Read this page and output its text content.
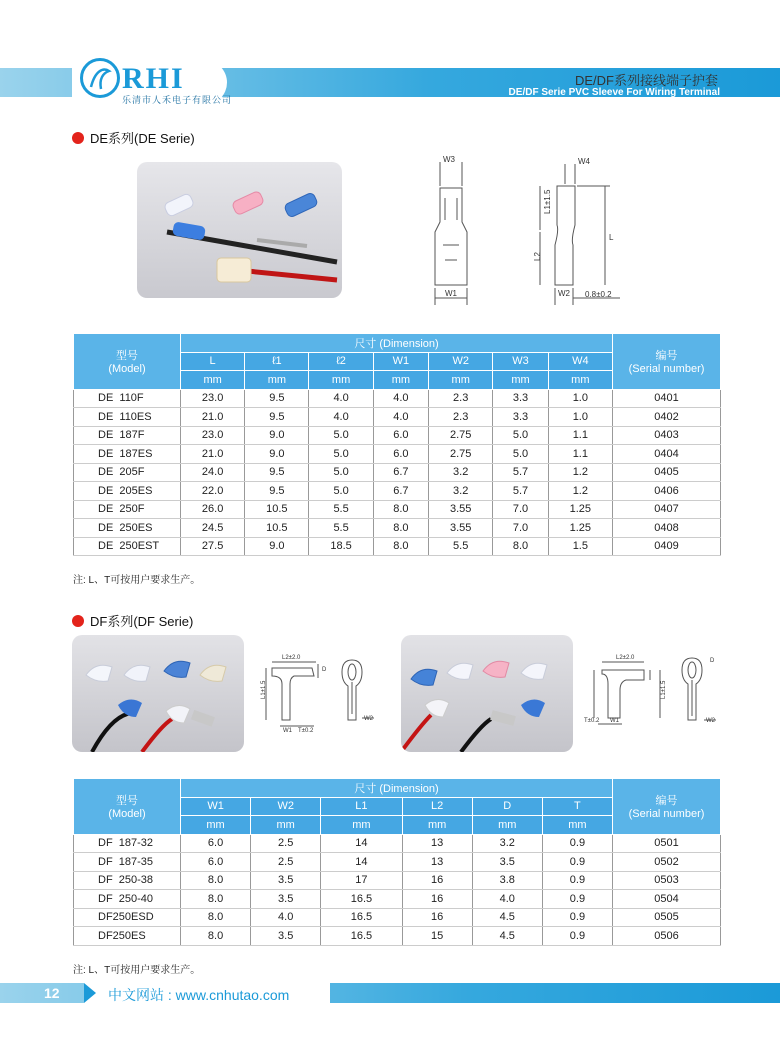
RHI
乐清市人禾电子有限公司
DE/DF系列接线端子护套
DE/DF Serie PVC Sleeve For Wiring Terminal
DE系列(DE Serie)
W3	W4
W1	W2 0.8±0.2
L
L1±1.5
L2
型号
(Model)	尺寸 (Dimension)							编号
(Serial number)
	L	ℓ1	ℓ2	W1	W2	W3	W4	
	mm	mm	mm	mm	mm	mm	mm	
DE  110F	23.0	9.5	4.0	4.0	2.3	3.3	1.0	0401
DE  110ES	21.0	9.5	4.0	4.0	2.3	3.3	1.0	0402
DE  187F	23.0	9.0	5.0	6.0	2.75	5.0	1.1	0403
DE  187ES	21.0	9.0	5.0	6.0	2.75	5.0	1.1	0404
DE  205F	24.0	9.5	5.0	6.7	3.2	5.7	1.2	0405
DE  205ES	22.0	9.5	5.0	6.7	3.2	5.7	1.2	0406
DE  250F	26.0	10.5	5.5	8.0	3.55	7.0	1.25	0407
DE  250ES	24.5	10.5	5.5	8.0	3.55	7.0	1.25	0408
DE  250EST	27.5	9.0	18.5	8.0	5.5	8.0	1.5	0409
注: L、T可按用户要求生产。
DF系列(DF Serie)
L2±2.0
D
L1±1.5
W1 T±0.2
W2
L2±2.0	D
L1±1.5
T±0.2 W1	W2
型号
(Model)	尺寸 (Dimension)						编号
(Serial number)
	W1	W2	L1	L2	D	T	
	mm	mm	mm	mm	mm	mm	
DF  187-32	6.0	2.5	14	13	3.2	0.9	0501
DF  187-35	6.0	2.5	14	13	3.5	0.9	0502
DF  250-38	8.0	3.5	17	16	3.8	0.9	0503
DF  250-40	8.0	3.5	16.5	16	4.0	0.9	0504
DF250ESD	8.0	4.0	16.5	16	4.5	0.9	0505
DF250ES	8.0	3.5	16.5	15	4.5	0.9	0506
注: L、T可按用户要求生产。
12	中文网站 : www.cnhutao.com
